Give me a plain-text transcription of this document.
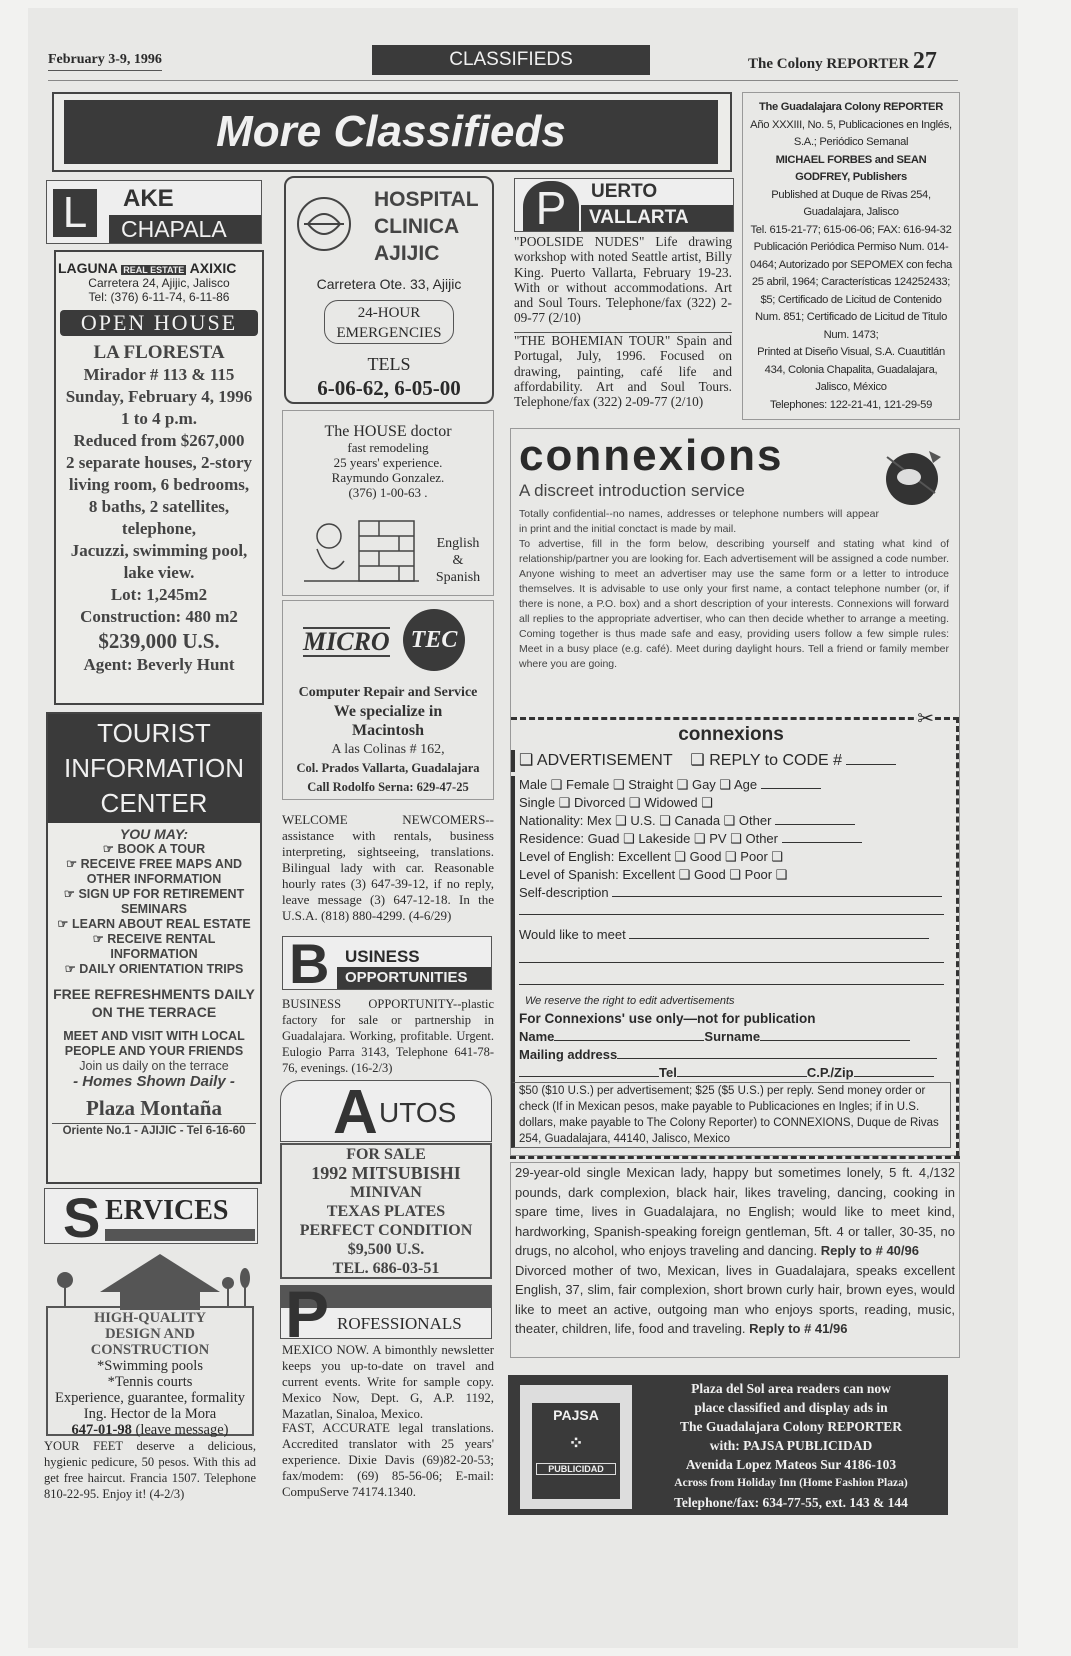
February 3-9, 1996	CLASSIFIEDS	The Colony REPORTER 27
More Classifieds	The Guadalajara Colony REPORTER
Año XXXIII, No. 5, Publicaciones en Inglés, S.A.; Periódico Semanal
MICHAEL FORBES and SEAN GODFREY, Publishers
Published at Duque de Rivas 254, Guadalajara, Jalisco
Tel. 615-21-77; 615-06-06; FAX: 616-94-32
Publicación Periódica Permiso Num. 014-0464; Autorizado por SEPOMEX con fecha 25 abril, 1964; Características 124252433; $5; Certificado de Licitud de Contenido Num. 851; Certificado de Licitud de Titulo Num. 1473;
Printed at Diseño Visual, S.A. Cuautitlán 434, Colonia Chapalita, Guadalajara, Jalisco, México
Telephones: 122-21-41, 121-29-59
L	AKE
CHAPALA
LAGUNA REAL ESTATE AXIXIC
Carretera 24, Ajijic, Jalisco
Tel: (376) 6-11-74, 6-11-86
OPEN HOUSE
LA FLORESTA
Mirador # 113 & 115
Sunday, February 4, 1996
1 to 4 p.m.
Reduced from $267,000
2 separate houses, 2-story
living room, 6 bedrooms,
8 baths, 2 satellites,
telephone,
Jacuzzi, swimming pool,
lake view.
Lot: 1,245m2
Construction: 480 m2
$239,000 U.S.
Agent: Beverly Hunt
TOURIST
INFORMATION
CENTER
YOU MAY:
☞ BOOK A TOUR
☞ RECEIVE FREE MAPS AND OTHER INFORMATION
☞ SIGN UP FOR RETIREMENT SEMINARS
☞ LEARN ABOUT REAL ESTATE
☞ RECEIVE RENTAL INFORMATION
☞ DAILY ORIENTATION TRIPS
FREE REFRESHMENTS DAILY ON THE TERRACE
MEET AND VISIT WITH LOCAL PEOPLE AND YOUR FRIENDS
Join us daily on the terrace
- Homes Shown Daily -
Plaza Montaña
Oriente No.1 - AJIJIC - Tel 6-16-60
S ERVICES
HIGH-QUALITY
DESIGN AND
CONSTRUCTION
*Swimming pools
*Tennis courts
Experience, guarantee, formality
Ing. Hector de la Mora
647-01-98 (leave message)
YOUR FEET deserve a delicious, hygienic pedicure, 50 pesos. With this ad get free haircut. Francia 1507. Telephone 810-22-95. Enjoy it! (4-2/3)
HOSPITAL
CLINICA
AJIJIC
Carretera Ote. 33, Ajijic
24-HOUR EMERGENCIES
TELS
6-06-62, 6-05-00
The HOUSE doctor
fast remodeling
25 years' experience.
Raymundo Gonzalez.
(376) 1-00-63 .
English
&
Spanish
MICRO TEC
Computer Repair and Service
We specialize in
Macintosh
A las Colinas # 162,
Col. Prados Vallarta, Guadalajara
Call Rodolfo Serna: 629-47-25
WELCOME NEWCOMERS-- assistance with rentals, business interpreting, sightseeing, translations. Bilingual lady with car. Reasonable hourly rates (3) 647-39-12, if no reply, leave message (3) 647-12-18. In the U.S.A. (818) 880-4299. (4-6/29)
B USINESS
OPPORTUNITIES
BUSINESS OPPORTUNITY--plastic factory for sale or partnership in Guadalajara. Working, profitable. Urgent. Eulogio Parra 3143, Telephone 641-78-76, evenings. (16-2/3)
A UTOS
FOR SALE
1992 MITSUBISHI
MINIVAN
TEXAS PLATES
PERFECT CONDITION
$9,500 U.S.
TEL. 686-03-51
P ROFESSIONALS
MEXICO NOW. A bimonthly newsletter keeps you up-to-date on travel and current events. Write for sample copy. Mexico Now, Dept. G, A.P. 1192, Mazatlan, Sinaloa, Mexico.
FAST, ACCURATE legal translations. Accredited translator with 25 years' experience. Dixie Davis (69)82-20-53; fax/modem: (69) 85-56-06; E-mail: CompuServe 74174.1340.
P	UERTO
VALLARTA
"POOLSIDE NUDES" Life drawing workshop with noted Seattle artist, Billy King. Puerto Vallarta, February 19-23. With or without accommodations. Art and Soul Tours. Telephone/fax (322) 2-09-77 (2/10)
"THE BOHEMIAN TOUR" Spain and Portugal, July, 1996. Focused on drawing, painting, café life and affordability. Art and Soul Tours. Telephone/fax (322) 2-09-77 (2/10)
connexions
A discreet introduction service
Totally confidential--no names, addresses or telephone numbers will appear in print and the initial conctact is made by mail.
To advertise, fill in the form below, describing yourself and stating what kind of relationship/partner you are looking for. Each advertisement will be assigned a code number. Anyone wishing to meet an advertiser may use the same form or a letter to introduce themselves. It is advisable to use only your first name, a contact telephone number (or, if there is none, a P.O. box) and a short description of your interests. Connexions will forward all replies to the appropriate advertiser, who can then decide whether to arrange a meeting. Coming together is thus made safe and easy, providing users follow a few simple rules: Meet in a busy place (e.g. café). Meet during daylight hours. Tell a friend or family member where you are going.
✂
connexions
❑ ADVERTISEMENT ❑ REPLY to CODE #
Male ❑ Female ❑ Straight ❑ Gay ❑ Age
Single ❑ Divorced ❑ Widowed ❑
Nationality: Mex ❑ U.S. ❑ Canada ❑ Other
Residence: Guad ❑ Lakeside ❑ PV ❑ Other
Level of English: Excellent ❑ Good ❑ Poor ❑
Level of Spanish: Excellent ❑ Good ❑ Poor ❑
Self-description
Would like to meet
We reserve the right to edit advertisements
For Connexions' use only—not for publication
Name	Surname
Mailing address
Tel	C.P./Zip
$50 ($10 U.S.) per advertisement; $25 ($5 U.S.) per reply. Send money order or check (If in Mexican pesos, make payable to Publicaciones en Ingles; if in U.S. dollars, make payable to The Colony Reporter) to CONNEXIONS, Duque de Rivas 254, Guadalajara, 44140, Jalisco, Mexico
29-year-old single Mexican lady, happy but sometimes lonely, 5 ft. 4,/132 pounds, dark complexion, black hair, likes traveling, dancing, cooking in spare time, lives in Guadalajara, no English; would like to meet kind, hardworking, Spanish-speaking foreign gentleman, 5ft. 4 or taller, 30-35, no drugs, no alcohol, who enjoys traveling and dancing. Reply to # 40/96
Divorced mother of two, Mexican, lives in Guadalajara, speaks excellent English, 37, slim, fair complexion, short brown curly hair, brown eyes, would like to meet an active, outgoing man who enjoys sports, reading, music, theater, children, life, food and traveling. Reply to # 41/96
PAJSA
⁘
PUBLICIDAD
Plaza del Sol area readers can now
place classified and display ads in
The Guadalajara Colony REPORTER
with: PAJSA PUBLICIDAD
Avenida Lopez Mateos Sur 4186-103
Across from Holiday Inn (Home Fashion Plaza)
Telephone/fax: 634-77-55, ext. 143 & 144
